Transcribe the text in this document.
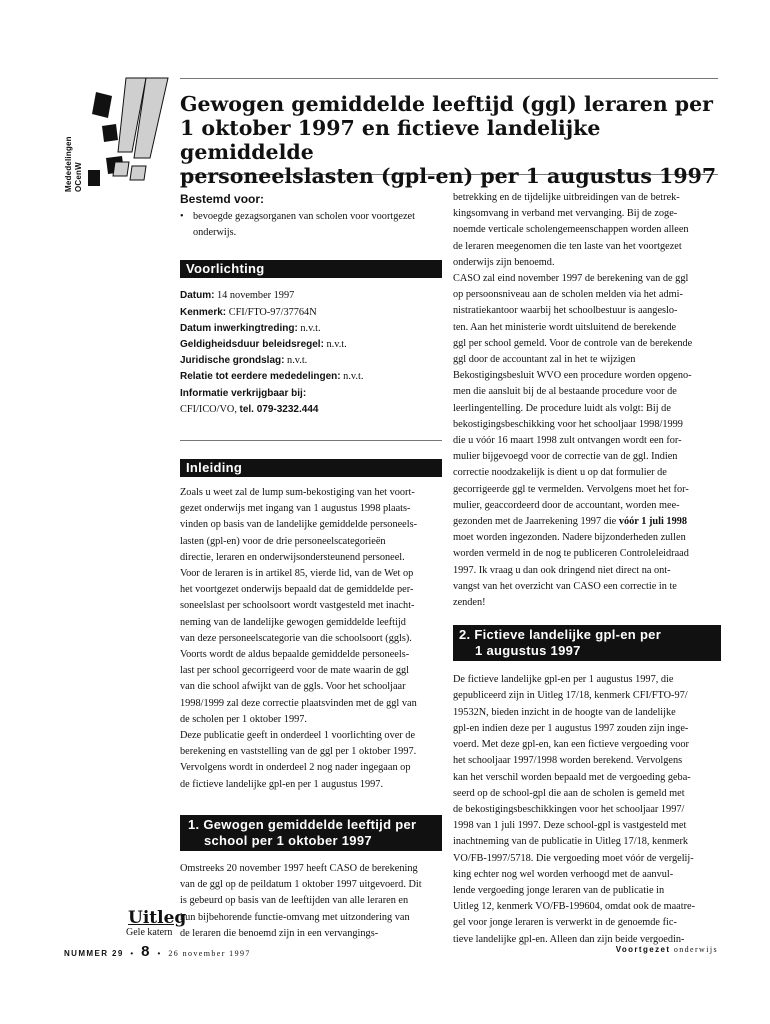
Mededelingen OCenW
Gewogen gemiddelde leeftijd (ggl) leraren per
1 oktober 1997 en fictieve landelijke gemiddelde
personeelslasten (gpl-en) per 1 augustus 1997
Bestemd voor:
• bevoegde gezagsorganen van scholen voor voortgezet
onderwijs.
Voorlichting
Datum: 14 november 1997
Kenmerk: CFI/FTO-97/37764N
Datum inwerkingtreding: n.v.t.
Geldigheidsduur beleidsregel: n.v.t.
Juridische grondslag: n.v.t.
Relatie tot eerdere mededelingen: n.v.t.
Informatie verkrijgbaar bij:
CFI/ICO/VO, tel. 079-3232.444
Inleiding
Zoals u weet zal de lump sum-bekostiging van het voort-
gezet onderwijs met ingang van 1 augustus 1998 plaats-
vinden op basis van de landelijke gemiddelde personeels-
lasten (gpl-en) voor de drie personeelscategorieën
directie, leraren en onderwijsondersteunend personeel.
Voor de leraren is in artikel 85, vierde lid, van de Wet op
het voortgezet onderwijs bepaald dat de gemiddelde per-
soneelslast per schoolsoort wordt vastgesteld met inacht-
neming van de landelijke gewogen gemiddelde leeftijd
van deze personeelscategorie van die schoolsoort (ggls).
Voorts wordt de aldus bepaalde gemiddelde personeels-
last per school gecorrigeerd voor de mate waarin de ggl
van die school afwijkt van de ggls. Voor het schooljaar
1998/1999 zal deze correctie plaatsvinden met de ggl van
de scholen per 1 oktober 1997.
Deze publicatie geeft in onderdeel 1 voorlichting over de
berekening en vaststelling van de ggl per 1 oktober 1997.
Vervolgens wordt in onderdeel 2 nog nader ingegaan op
de fictieve landelijke gpl-en per 1 augustus 1997.
1. Gewogen gemiddelde leeftijd per
school per 1 oktober 1997
Omstreeks 20 november 1997 heeft CASO de berekening
van de ggl op de peildatum 1 oktober 1997 uitgevoerd. Dit
is gebeurd op basis van de leeftijden van alle leraren en
hun bijbehorende functie-omvang met uitzondering van
de leraren die benoemd zijn in een vervangings-
betrekking en de tijdelijke uitbreidingen van de betrek-
kingsomvang in verband met vervanging. Bij de zoge-
noemde verticale scholengemeenschappen worden alleen
de leraren meegenomen die ten laste van het voortgezet
onderwijs zijn benoemd.
CASO zal eind november 1997 de berekening van de ggl
op persoonsniveau aan de scholen melden via het admi-
nistratiekantoor waarbij het schoolbestuur is aangeslo-
ten. Aan het ministerie wordt uitsluitend de berekende
ggl per school gemeld. Voor de controle van de berekende
ggl door de accountant zal in het te wijzigen
Bekostigingsbesluit WVO een procedure worden opgeno-
men die aansluit bij de al bestaande procedure voor de
leerlingentelling. De procedure luidt als volgt: Bij de
bekostigingsbeschikking voor het schooljaar 1998/1999
die u vóór 16 maart 1998 zult ontvangen wordt een for-
mulier bijgevoegd voor de correctie van de ggl. Indien
correctie noodzakelijk is dient u op dat formulier de
gecorrigeerde ggl te vermelden. Vervolgens moet het for-
mulier, geaccordeerd door de accountant, worden mee-
gezonden met de Jaarrekening 1997 die vóór 1 juli 1998
moet worden ingezonden. Nadere bijzonderheden zullen
worden vermeld in de nog te publiceren Controleleidraad
1997. Ik vraag u dan ook dringend niet direct na ont-
vangst van het overzicht van CASO een correctie in te
zenden!
2. Fictieve landelijke gpl-en per
1 augustus 1997
De fictieve landelijke gpl-en per 1 augustus 1997, die
gepubliceerd zijn in Uitleg 17/18, kenmerk CFI/FTO-97/
19532N, bieden inzicht in de hoogte van de landelijke
gpl-en indien deze per 1 augustus 1997 zouden zijn inge-
voerd. Met deze gpl-en, kan een fictieve vergoeding voor
het schooljaar 1997/1998 worden berekend. Vervolgens
kan het verschil worden bepaald met de vergoeding geba-
seerd op de school-gpl die aan de scholen is gemeld met
de bekostigingsbeschikkingen voor het schooljaar 1997/
1998 van 1 juli 1997. Deze school-gpl is vastgesteld met
inachtneming van de publicatie in Uitleg 17/18, kenmerk
VO/FB-1997/5718. Die vergoeding moet vóór de vergelij-
king echter nog wel worden verhoogd met de aanvul-
lende vergoeding jonge leraren van de publicatie in
Uitleg 12, kenmerk VO/FB-199604, omdat ook de maatre-
gel voor jonge leraren is verwerkt in de genoemde fic-
tieve landelijke gpl-en. Alleen dan zijn beide vergoedin-
Uitleg
Gele katern
NUMMER 29 • 8 • 26 november 1997	Voortgezet onderwijs
